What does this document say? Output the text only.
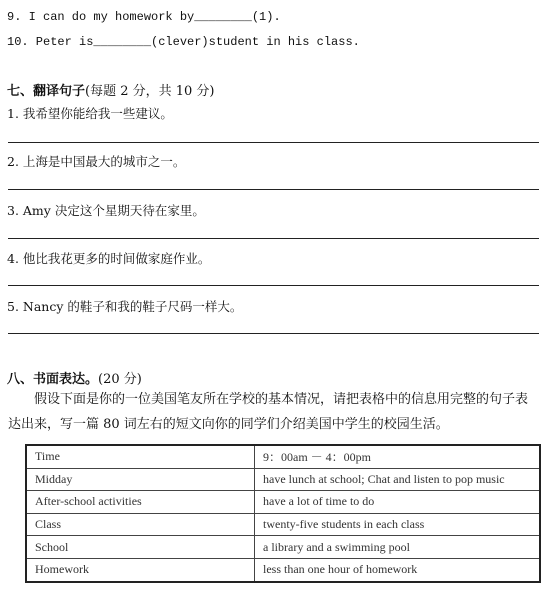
9. I can do my homework by________(1).
10. Peter is________(clever)student in his class.
七、翻译句子(每题 2 分，共 10 分)
1. 我希望你能给我一些建议。
2. 上海是中国最大的城市之一。
3. Amy 决定这个星期天待在家里。
4. 他比我花更多的时间做家庭作业。
5. Nancy 的鞋子和我的鞋子尺码一样大。
八、书面表达。(20 分)
假设下面是你的一位美国笔友所在学校的基本情况，请把表格中的信息用完整的句子表达出来，写一篇 80 词左右的短文向你的同学们介绍美国中学生的校园生活。
Time	9：00am － 4：00pm
Midday	have lunch at school; Chat and listen to pop music
After-school activities	have a lot of time to do
Class	twenty-five students in each class
School	a library and a swimming pool
Homework	less than one hour of homework
